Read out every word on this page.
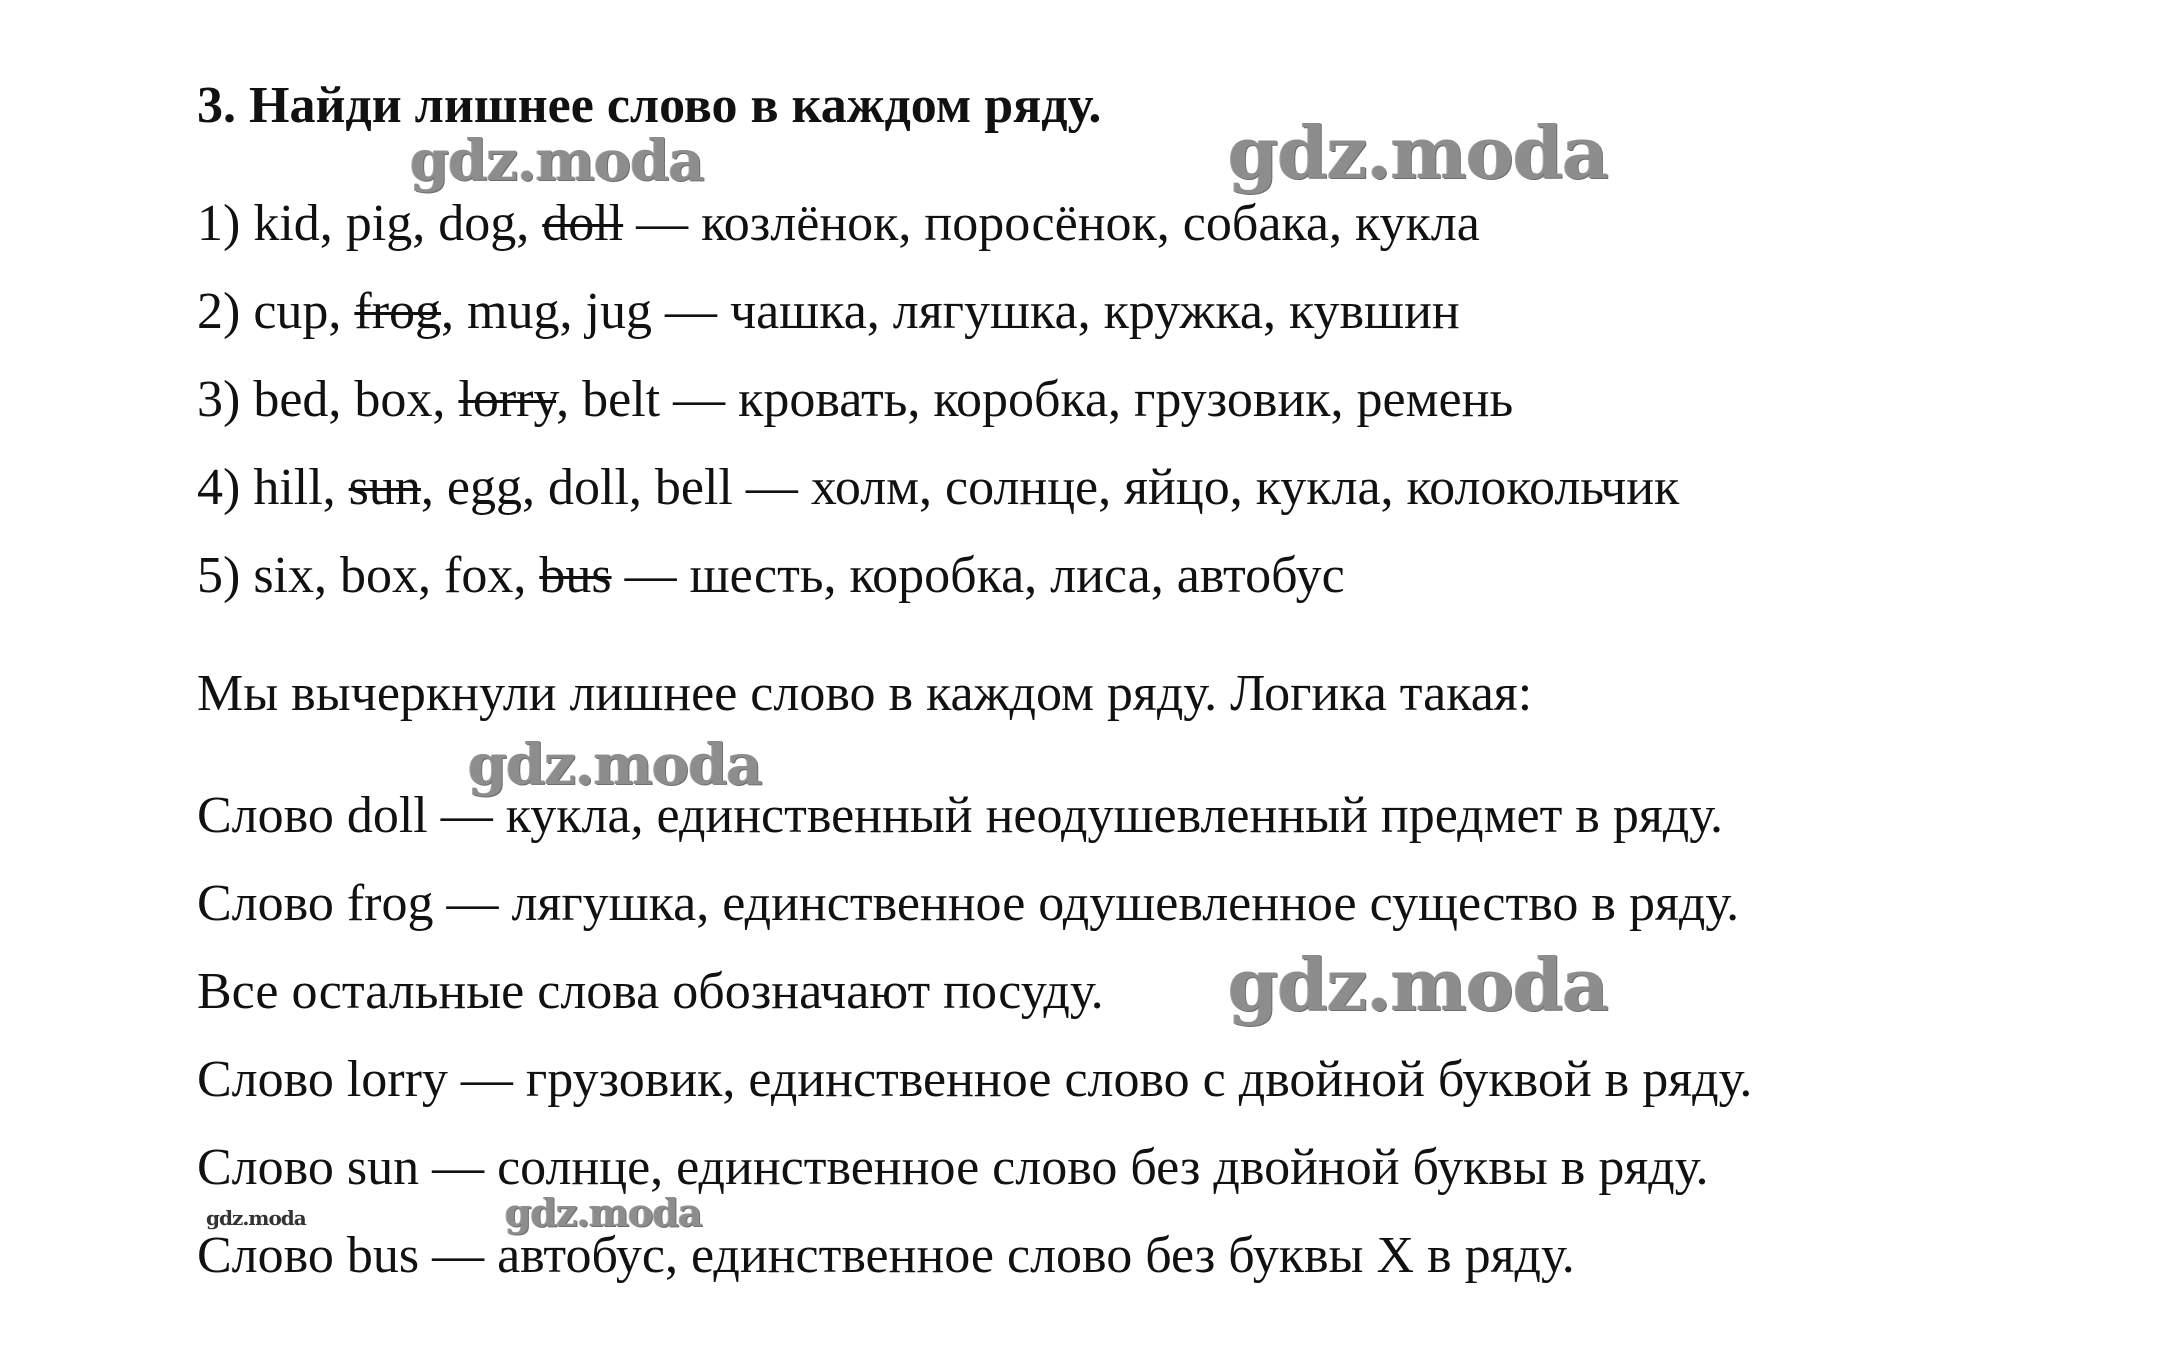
3. Найди лишнее слово в каждом ряду.
1) kid, pig, dog, doll — козлёнок, поросёнок, собака, кукла
2) cup, frog, mug, jug — чашка, лягушка, кружка, кувшин
3) bed, box, lorry, belt — кровать, коробка, грузовик, ремень
4) hill, sun, egg, doll, bell — холм, солнце, яйцо, кукла, колокольчик
5) six, box, fox, bus — шесть, коробка, лиса, автобус
Мы вычеркнули лишнее слово в каждом ряду. Логика такая:
Слово doll — кукла, единственный неодушевленный предмет в ряду.
Слово frog — лягушка, единственное одушевленное существо в ряду.
Все остальные слова обозначают посуду.
Слово lorry — грузовик, единственное слово с двойной буквой в ряду.
Слово sun — солнце, единственное слово без двойной буквы в ряду.
Слово bus — автобус, единственное слово без буквы X в ряду.
gdz.moda	gdz.moda
gdz.moda
gdz.moda
gdz.moda	gdz.moda
